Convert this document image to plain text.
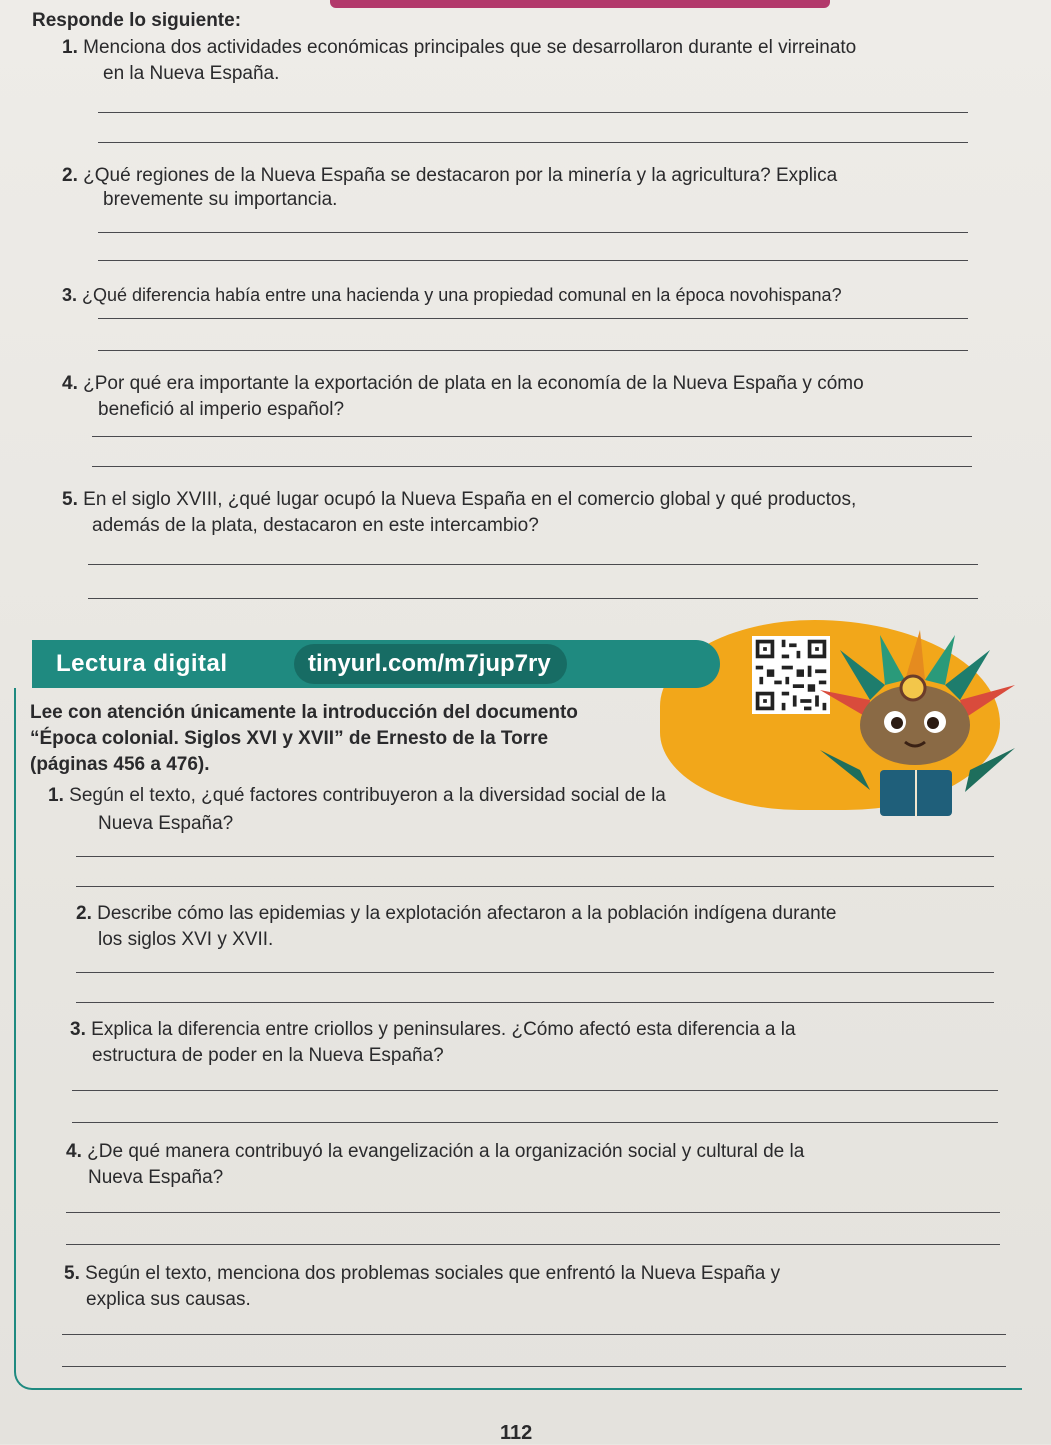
Responde lo siguiente:
1. Menciona dos actividades económicas principales que se desarrollaron durante el virreinato
en la Nueva España.
2. ¿Qué regiones de la Nueva España se destacaron por la minería y la agricultura? Explica
brevemente su importancia.
3. ¿Qué diferencia había entre una hacienda y una propiedad comunal en la época novohispana?
4. ¿Por qué era importante la exportación de plata en la economía de la Nueva España y cómo
benefició al imperio español?
5. En el siglo XVIII, ¿qué lugar ocupó la Nueva España en el comercio global y qué productos,
además de la plata, destacaron en este intercambio?
Lectura digital	tinyurl.com/m7jup7ry
Lee con atención únicamente la introducción del documento
“Época colonial. Siglos XVI y XVII” de Ernesto de la Torre
(páginas 456 a 476).
1. Según el texto, ¿qué factores contribuyeron a la diversidad social de la
Nueva España?
2. Describe cómo las epidemias y la explotación afectaron a la población indígena durante
los siglos XVI y XVII.
3. Explica la diferencia entre criollos y peninsulares. ¿Cómo afectó esta diferencia a la
estructura de poder en la Nueva España?
4. ¿De qué manera contribuyó la evangelización a la organización social y cultural de la
Nueva España?
5. Según el texto, menciona dos problemas sociales que enfrentó la Nueva España y
explica sus causas.
112
